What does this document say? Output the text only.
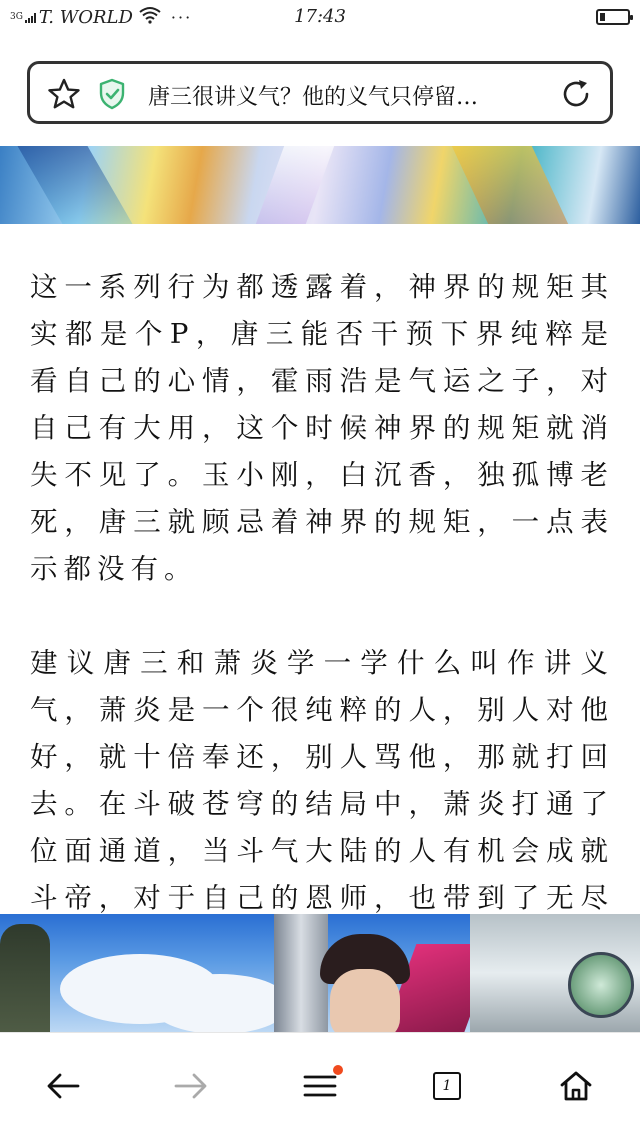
3G T. WORLD ···	17:43
唐三很讲义气？他的义气只停留…

这一系列行为都透露着，神界的规矩其实都是个P，唐三能否干预下界纯粹是看自己的心情，霍雨浩是气运之子，对自己有大用，这个时候神界的规矩就消失不见了。玉小刚，白沉香，独孤博老死，唐三就顾忌着神界的规矩，一点表示都没有。

建议唐三和萧炎学一学什么叫作讲义气，萧炎是一个很纯粹的人，别人对他好，就十倍奉还，别人骂他，那就打回去。在斗破苍穹的结局中，萧炎打通了位面通道，当斗气大陆的人有机会成就斗帝，对于自己的恩师，也带到了无尽

1
